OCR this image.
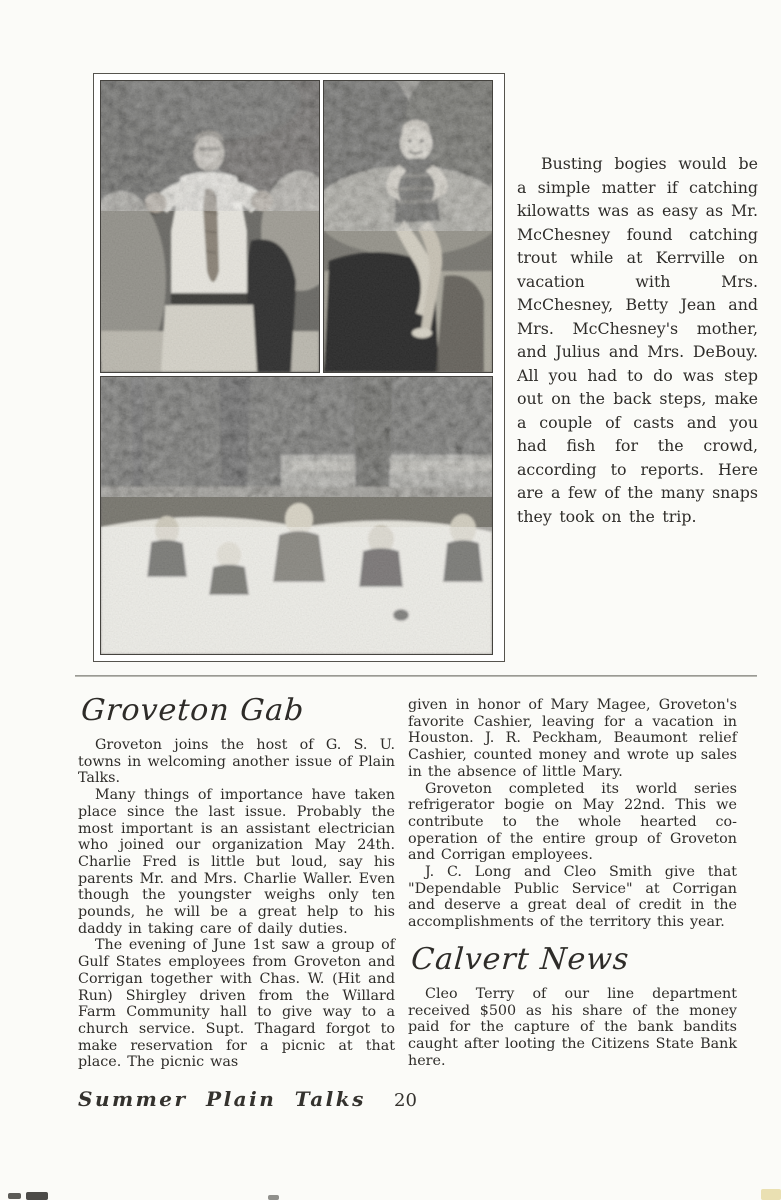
Busting bogies would be a simple matter if catching kilowatts was as easy as Mr. McChesney found catching trout while at Kerrville on vacation with Mrs. McChesney, Betty Jean and Mrs. McChesney's mother, and Julius and Mrs. DeBouy. All you had to do was step out on the back steps, make a couple of casts and you had fish for the crowd, according to reports. Here are a few of the many snaps they took on the trip.
Groveton Gab

Groveton joins the host of G. S. U. towns in welcoming another issue of Plain Talks.

Many things of importance have taken place since the last issue. Probably the most important is an assistant electrician who joined our organization May 24th. Charlie Fred is little but loud, say his parents Mr. and Mrs. Charlie Waller. Even though the youngster weighs only ten pounds, he will be a great help to his daddy in taking care of daily duties.

The evening of June 1st saw a group of Gulf States employees from Groveton and Corrigan together with Chas. W. (Hit and Run) Shirgley driven from the Willard Farm Community hall to give way to a church service. Supt. Thagard forgot to make reservation for a picnic at that place. The picnic was

given in honor of Mary Magee, Groveton's favorite Cashier, leaving for a vacation in Houston. J. R. Peckham, Beaumont relief Cashier, counted money and wrote up sales in the absence of little Mary.

Groveton completed its world series refrigerator bogie on May 22nd. This we contribute to the whole hearted co-operation of the entire group of Groveton and Corrigan employees.

J. C. Long and Cleo Smith give that "Dependable Public Service" at Corrigan and deserve a great deal of credit in the accomplishments of the territory this year.

Calvert News

Cleo Terry of our line department received $500 as his share of the money paid for the capture of the bank bandits caught after looting the Citizens State Bank here.

Summer Plain Talks 20
